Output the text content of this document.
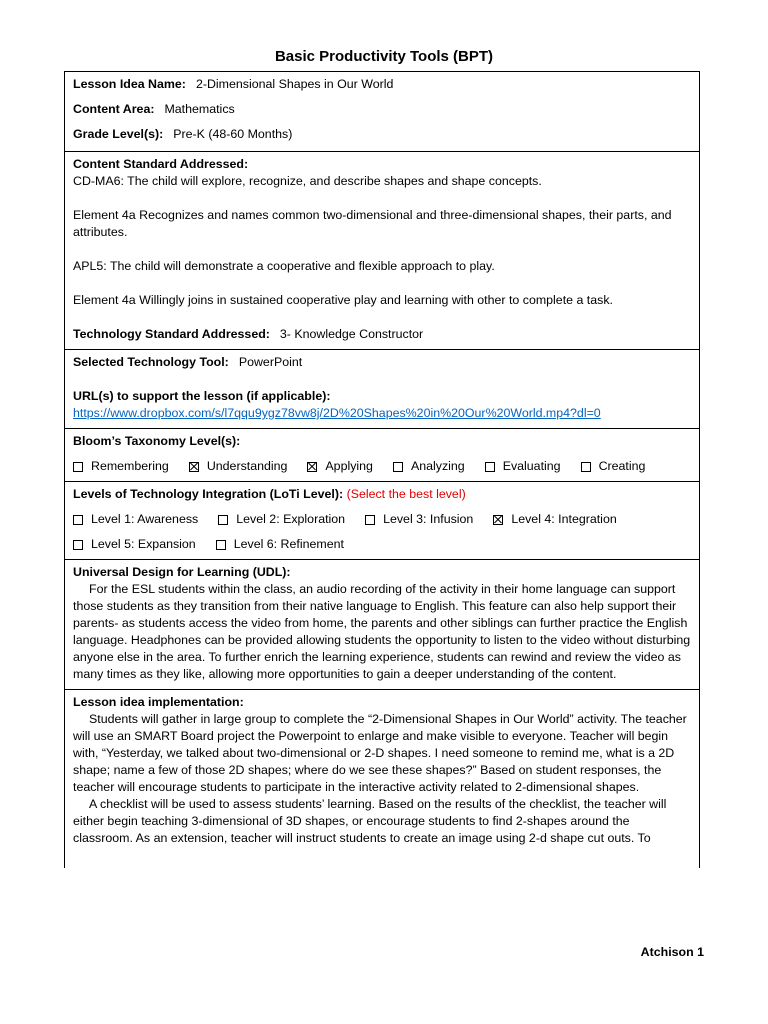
Basic Productivity Tools (BPT)

Lesson Idea Name: 2-Dimensional Shapes in Our World

Content Area: Mathematics

Grade Level(s): Pre-K (48-60 Months)

Content Standard Addressed:

CD-MA6: The child will explore, recognize, and describe shapes and shape concepts.

Element 4a Recognizes and names common two-dimensional and three-dimensional shapes, their parts, and attributes.

APL5: The child will demonstrate a cooperative and flexible approach to play.

Element 4a Willingly joins in sustained cooperative play and learning with other to complete a task.

Technology Standard Addressed: 3- Knowledge Constructor

Selected Technology Tool: PowerPoint

URL(s) to support the lesson (if applicable):

https://www.dropbox.com/s/l7qqu9ygz78vw8j/2D%20Shapes%20in%20Our%20World.mp4?dl=0

Bloom’s Taxonomy Level(s):

Remembering	Understanding	Applying	Analyzing	Evaluating	Creating

Levels of Technology Integration (LoTi Level): (Select the best level)

Level 1: Awareness	Level 2: Exploration	Level 3: Infusion	Level 4: Integration
Level 5: Expansion	Level 6: Refinement

Universal Design for Learning (UDL):

For the ESL students within the class, an audio recording of the activity in their home language can support those students as they transition from their native language to English. This feature can also help support their parents- as students access the video from home, the parents and other siblings can further practice the English language. Headphones can be provided allowing students the opportunity to listen to the video without disturbing anyone else in the area. To further enrich the learning experience, students can rewind and review the video as many times as they like, allowing more opportunities to gain a deeper understanding of the content.

Lesson idea implementation:

Students will gather in large group to complete the “2-Dimensional Shapes in Our World” activity. The teacher will use an SMART Board project the Powerpoint to enlarge and make visible to everyone. Teacher will begin with, “Yesterday, we talked about two-dimensional or 2-D shapes. I need someone to remind me, what is a 2D shape; name a few of those 2D shapes; where do we see these shapes?” Based on student responses, the teacher will encourage students to participate in the interactive activity related to 2-dimensional shapes.

A checklist will be used to assess students’ learning. Based on the results of the checklist, the teacher will either begin teaching 3-dimensional of 3D shapes, or encourage students to find 2-shapes around the classroom. As an extension, teacher will instruct students to create an image using 2-d shape cut outs. To

Atchison 1
